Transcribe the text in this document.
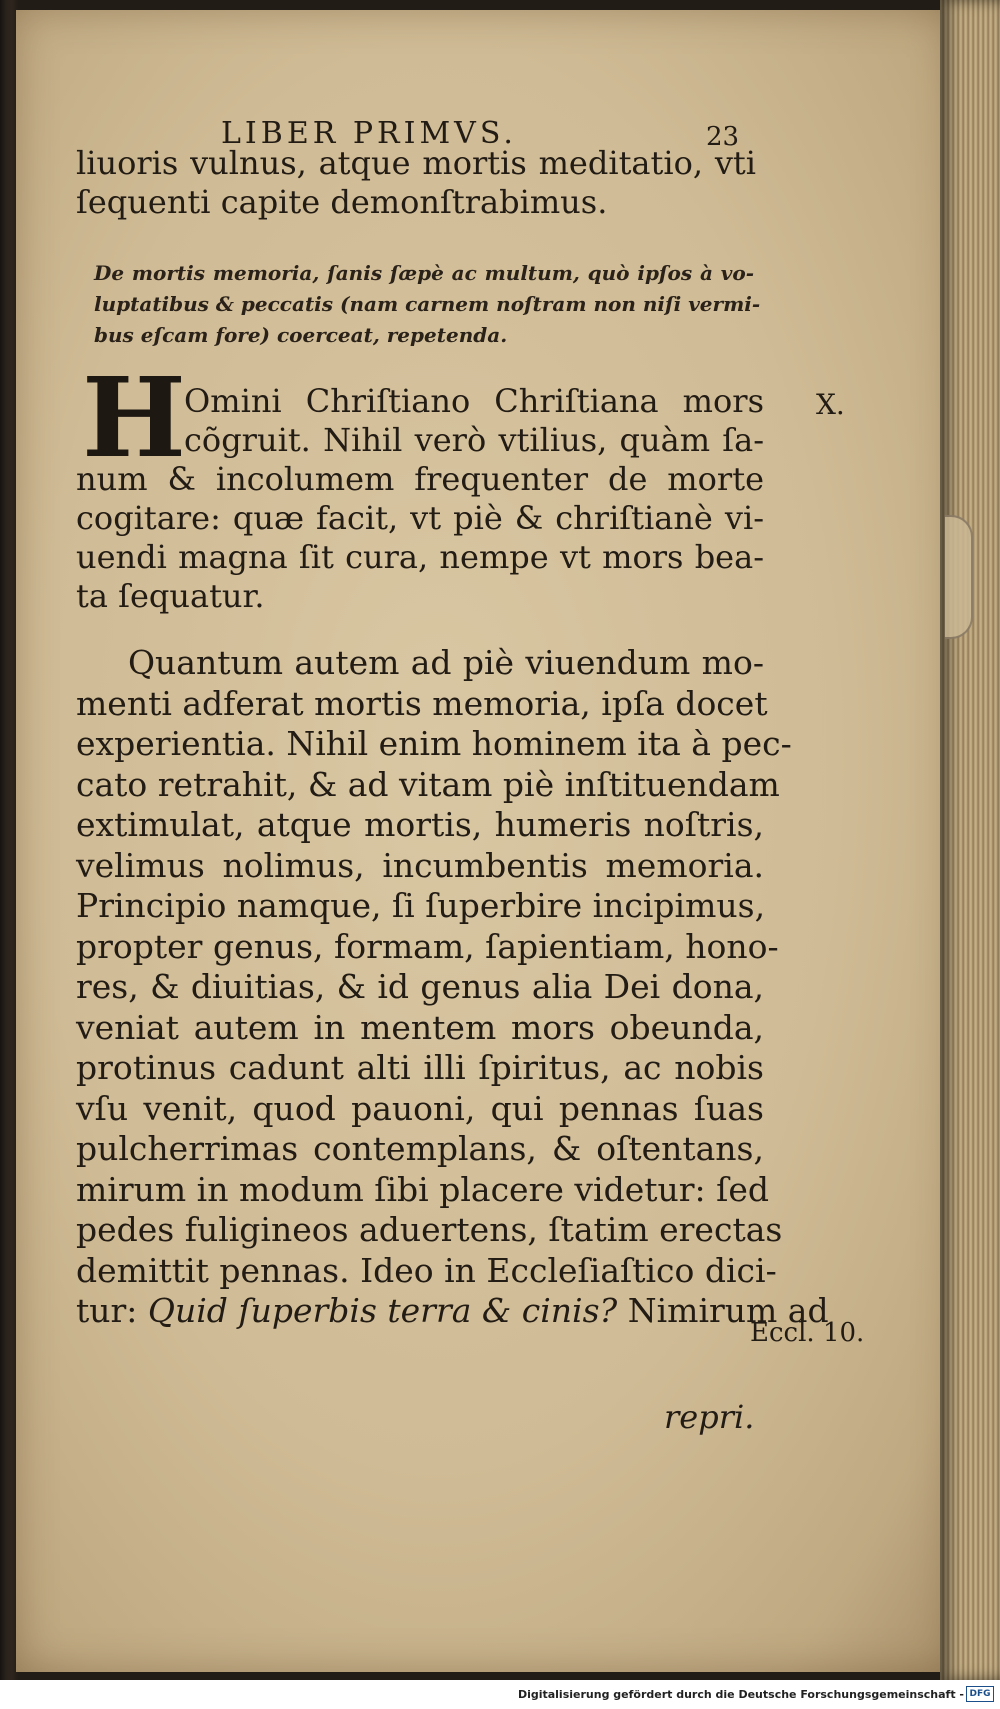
LIBER PRIMVS.	23
liuoris vulnus, atque mortis meditatio, vti
ſequenti capite demonſtrabimus.
De mortis memoria, ſanis ſæpè ac multum, quò ipſos à vo-
luptatibus & peccatis (nam carnem noſtram non niſi vermi-
bus eſcam fore) coerceat, repetenda.
H
Omini Chriſtiano Chriſtiana mors
cõgruit. Nihil verò vtilius, quàm ſa-
num & incolumem frequenter de morte
cogitare: quæ facit, vt piè & chriſtianè vi-
uendi magna ſit cura, nempe vt mors bea-
ta ſequatur.
Quantum autem ad piè viuendum mo-
menti adferat mortis memoria, ipſa docet
experientia. Nihil enim hominem ita à pec-
cato retrahit, & ad vitam piè inſtituendam
extimulat, atque mortis, humeris noſtris,
velimus nolimus, incumbentis memoria.
Principio namque, ſi ſuperbire incipimus,
propter genus, formam, ſapientiam, hono-
res, & diuitias, & id genus alia Dei dona,
veniat autem in mentem mors obeunda,
protinus cadunt alti illi ſpiritus, ac nobis
vſu venit, quod pauoni, qui pennas ſuas
pulcherrimas contemplans, & oſtentans,
mirum in modum ſibi placere videtur: ſed
pedes fuligineos aduertens, ſtatim erectas
demittit pennas. Ideo in Eccleſiaſtico dici-
tur: Quid ſuperbis terra & cinis? Nimirum ad
X.
Eccl. 10.
repri.
Digitalisierung gefördert durch die Deutsche Forschungsgemeinschaft - DFG
